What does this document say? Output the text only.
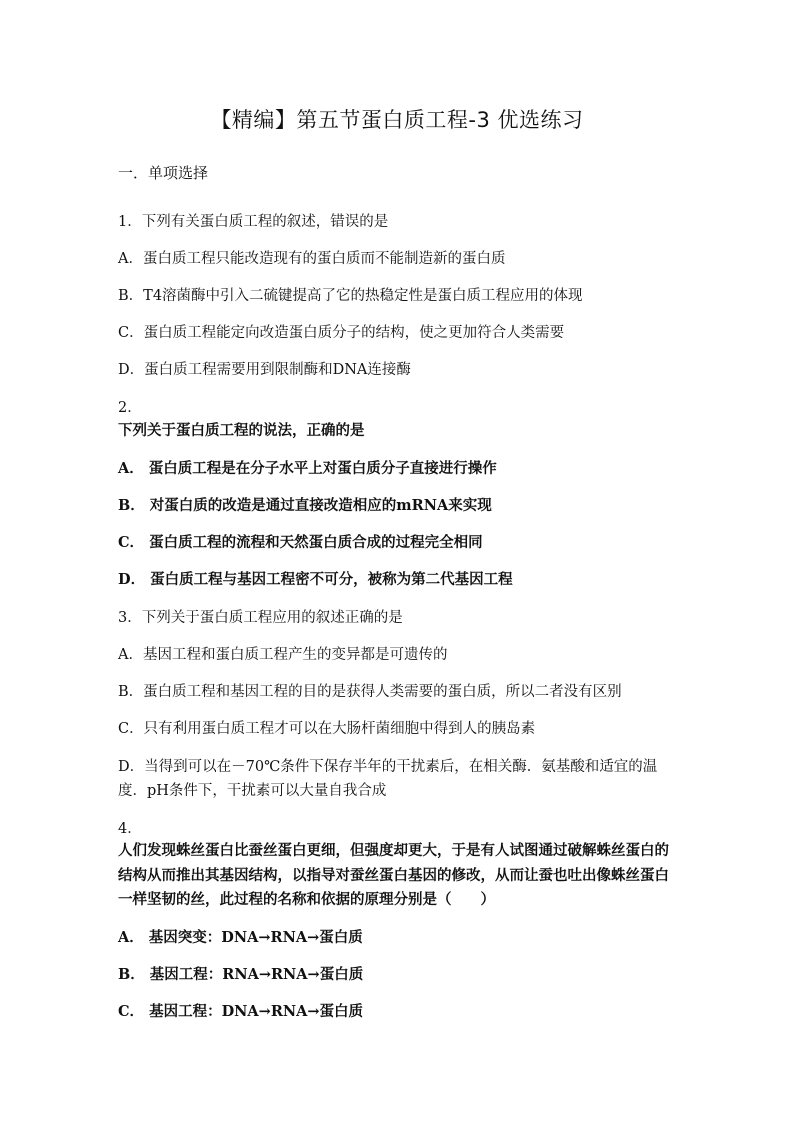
【精编】第五节蛋白质工程-3 优选练习
一．单项选择
1．下列有关蛋白质工程的叙述，错误的是
A．蛋白质工程只能改造现有的蛋白质而不能制造新的蛋白质
B．T4溶菌酶中引入二硫键提高了它的热稳定性是蛋白质工程应用的体现
C．蛋白质工程能定向改造蛋白质分子的结构，使之更加符合人类需要
D．蛋白质工程需要用到限制酶和DNA连接酶
2．
下列关于蛋白质工程的说法，正确的是
A． 蛋白质工程是在分子水平上对蛋白质分子直接进行操作
B． 对蛋白质的改造是通过直接改造相应的mRNA来实现
C． 蛋白质工程的流程和天然蛋白质合成的过程完全相同
D． 蛋白质工程与基因工程密不可分，被称为第二代基因工程
3．下列关于蛋白质工程应用的叙述正确的是
A．基因工程和蛋白质工程产生的变异都是可遗传的
B．蛋白质工程和基因工程的目的是获得人类需要的蛋白质，所以二者没有区别
C．只有利用蛋白质工程才可以在大肠杆菌细胞中得到人的胰岛素
D．当得到可以在－70℃条件下保存半年的干扰素后，在相关酶．氨基酸和适宜的温
度．pH条件下，干扰素可以大量自我合成
4．
人们发现蛛丝蛋白比蚕丝蛋白更细，但强度却更大，于是有人试图通过破解蛛丝蛋白的
结构从而推出其基因结构，以指导对蚕丝蛋白基因的修改，从而让蚕也吐出像蛛丝蛋白
一样坚韧的丝，此过程的名称和依据的原理分别是（　　）
A． 基因突变：DNA→RNA→蛋白质
B． 基因工程：RNA→RNA→蛋白质
C． 基因工程：DNA→RNA→蛋白质
